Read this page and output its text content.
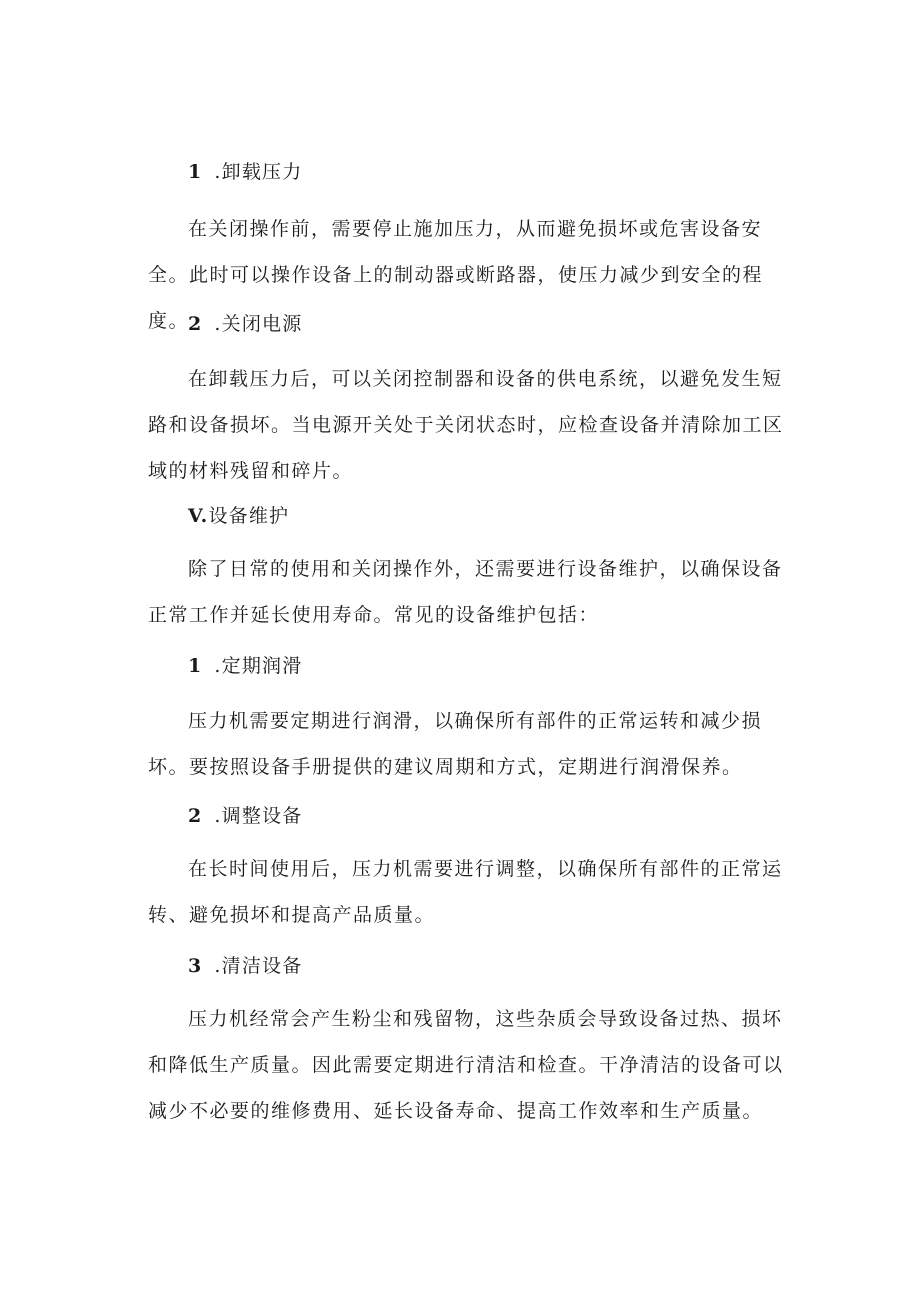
1 .卸载压力
在关闭操作前，需要停止施加压力，从而避免损坏或危害设备安全。此时可以操作设备上的制动器或断路器，使压力减少到安全的程度。
2 .关闭电源
在卸载压力后，可以关闭控制器和设备的供电系统，以避免发生短路和设备损坏。当电源开关处于关闭状态时，应检查设备并清除加工区域的材料残留和碎片。
V.设备维护
除了日常的使用和关闭操作外，还需要进行设备维护，以确保设备正常工作并延长使用寿命。常见的设备维护包括：
1 .定期润滑
压力机需要定期进行润滑，以确保所有部件的正常运转和减少损坏。要按照设备手册提供的建议周期和方式，定期进行润滑保养。
2 .调整设备
在长时间使用后，压力机需要进行调整，以确保所有部件的正常运转、避免损坏和提高产品质量。
3 .清洁设备
压力机经常会产生粉尘和残留物，这些杂质会导致设备过热、损坏和降低生产质量。因此需要定期进行清洁和检查。干净清洁的设备可以减少不必要的维修费用、延长设备寿命、提高工作效率和生产质量。
